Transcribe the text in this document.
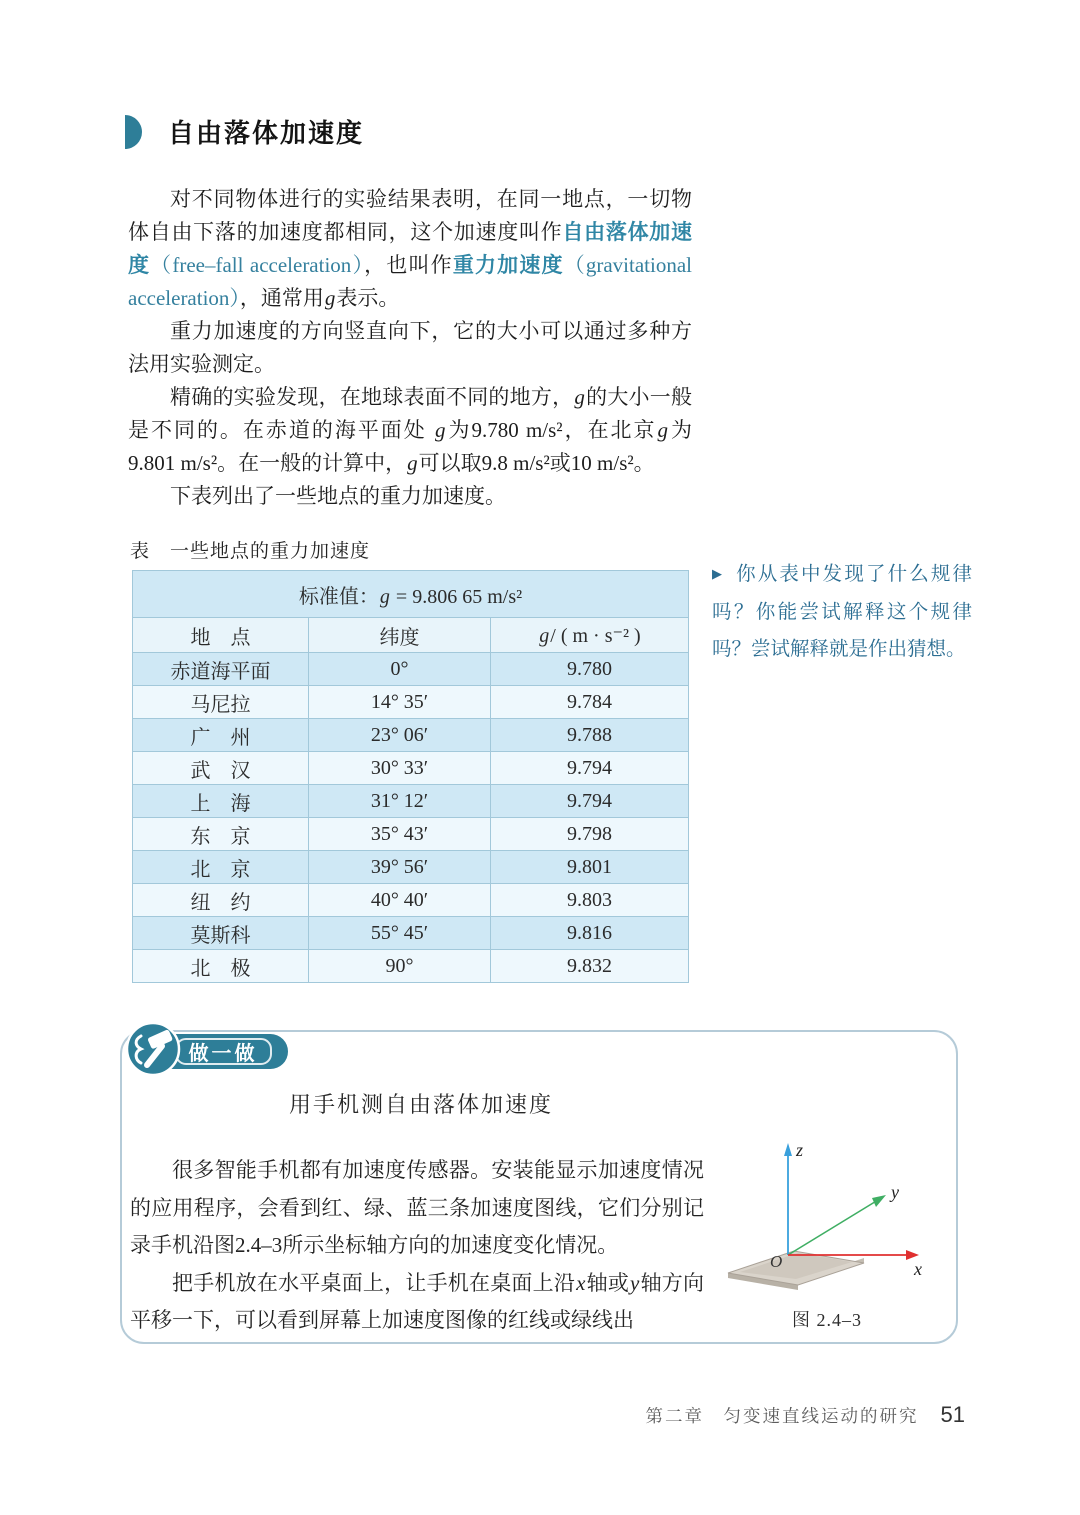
自由落体加速度

对不同物体进行的实验结果表明，在同一地点，一切物体自由下落的加速度都相同，这个加速度叫作自由落体加速度（free–fall acceleration），也叫作重力加速度（gravitational acceleration），通常用g表示。

重力加速度的方向竖直向下，它的大小可以通过多种方法用实验测定。

精确的实验发现，在地球表面不同的地方，g的大小一般是不同的。在赤道的海平面处 g为9.780 m/s²，在北京g为9.801 m/s²。在一般的计算中，g可以取9.8 m/s²或10 m/s²。

下表列出了一些地点的重力加速度。

表　一些地点的重力加速度
标准值：g = 9.806 65 m/s²		
地　点	纬度	g/ ( m · s⁻² )
赤道海平面	0°	9.780
马尼拉	14° 35′	9.784
广　州	23° 06′	9.788
武　汉	30° 33′	9.794
上　海	31° 12′	9.794
东　京	35° 43′	9.798
北　京	39° 56′	9.801
纽　约	40° 40′	9.803
莫斯科	55° 45′	9.816
北　极	90°	9.832
▶ 你从表中发现了什么规律吗？你能尝试解释这个规律吗？尝试解释就是作出猜想。
做一做
用手机测自由落体加速度

很多智能手机都有加速度传感器。安装能显示加速度情况的应用程序，会看到红、绿、蓝三条加速度图线，它们分别记录手机沿图2.4–3所示坐标轴方向的加速度变化情况。

把手机放在水平桌面上，让手机在桌面上沿x轴或y轴方向平移一下，可以看到屏幕上加速度图像的红线或绿线出

z
y
x
O
图 2.4–3
第二章　匀变速直线运动的研究 51
